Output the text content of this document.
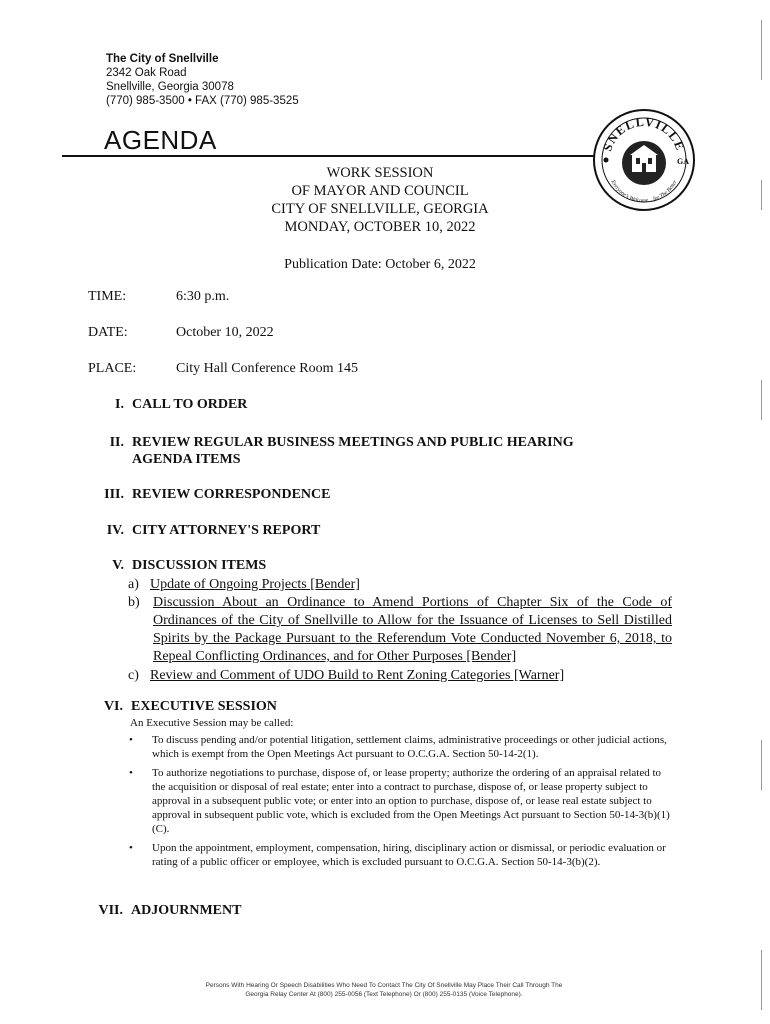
The City of Snellville
2342 Oak Road
Snellville, Georgia 30078
(770) 985-3500 • FAX (770) 985-3525
AGENDA	SNELLVILLE
Everyone's Welcome... for The Better
GA
WORK SESSION
OF MAYOR AND COUNCIL
CITY OF SNELLVILLE, GEORGIA
MONDAY, OCTOBER 10, 2022
Publication Date: October 6, 2022
TIME:	6:30 p.m.
DATE:	October 10, 2022
PLACE:	City Hall Conference Room 145
I. CALL TO ORDER
II. REVIEW REGULAR BUSINESS MEETINGS AND PUBLIC HEARING
AGENDA ITEMS
III. REVIEW CORRESPONDENCE
IV. CITY ATTORNEY'S REPORT
V. DISCUSSION ITEMS
a) Update of Ongoing Projects [Bender]
b) Discussion About an Ordinance to Amend Portions of Chapter Six of the Code of Ordinances of the City of Snellville to Allow for the Issuance of Licenses to Sell Distilled Spirits by the Package Pursuant to the Referendum Vote Conducted November 6, 2018, to Repeal Conflicting Ordinances, and for Other Purposes [Bender]
c) Review and Comment of UDO Build to Rent Zoning Categories [Warner]
VI. EXECUTIVE SESSION
An Executive Session may be called:
• To discuss pending and/or potential litigation, settlement claims, administrative proceedings or other judicial actions, which is exempt from the Open Meetings Act pursuant to O.C.G.A. Section 50-14-2(1).
• To authorize negotiations to purchase, dispose of, or lease property; authorize the ordering of an appraisal related to the acquisition or disposal of real estate; enter into a contract to purchase, dispose of, or lease property subject to approval in a subsequent public vote; or enter into an option to purchase, dispose of, or lease real estate subject to approval in subsequent public vote, which is excluded from the Open Meetings Act pursuant to Section 50-14-3(b)(1)(C).
• Upon the appointment, employment, compensation, hiring, disciplinary action or dismissal, or periodic evaluation or rating of a public officer or employee, which is excluded pursuant to O.C.G.A. Section 50-14-3(b)(2).
VII. ADJOURNMENT
Persons With Hearing Or Speech Disabilities Who Need To Contact The City Of Snellville May Place Their Call Through The
Georgia Relay Center At (800) 255-0056 (Text Telephone) Or (800) 255-0135 (Voice Telephone).
